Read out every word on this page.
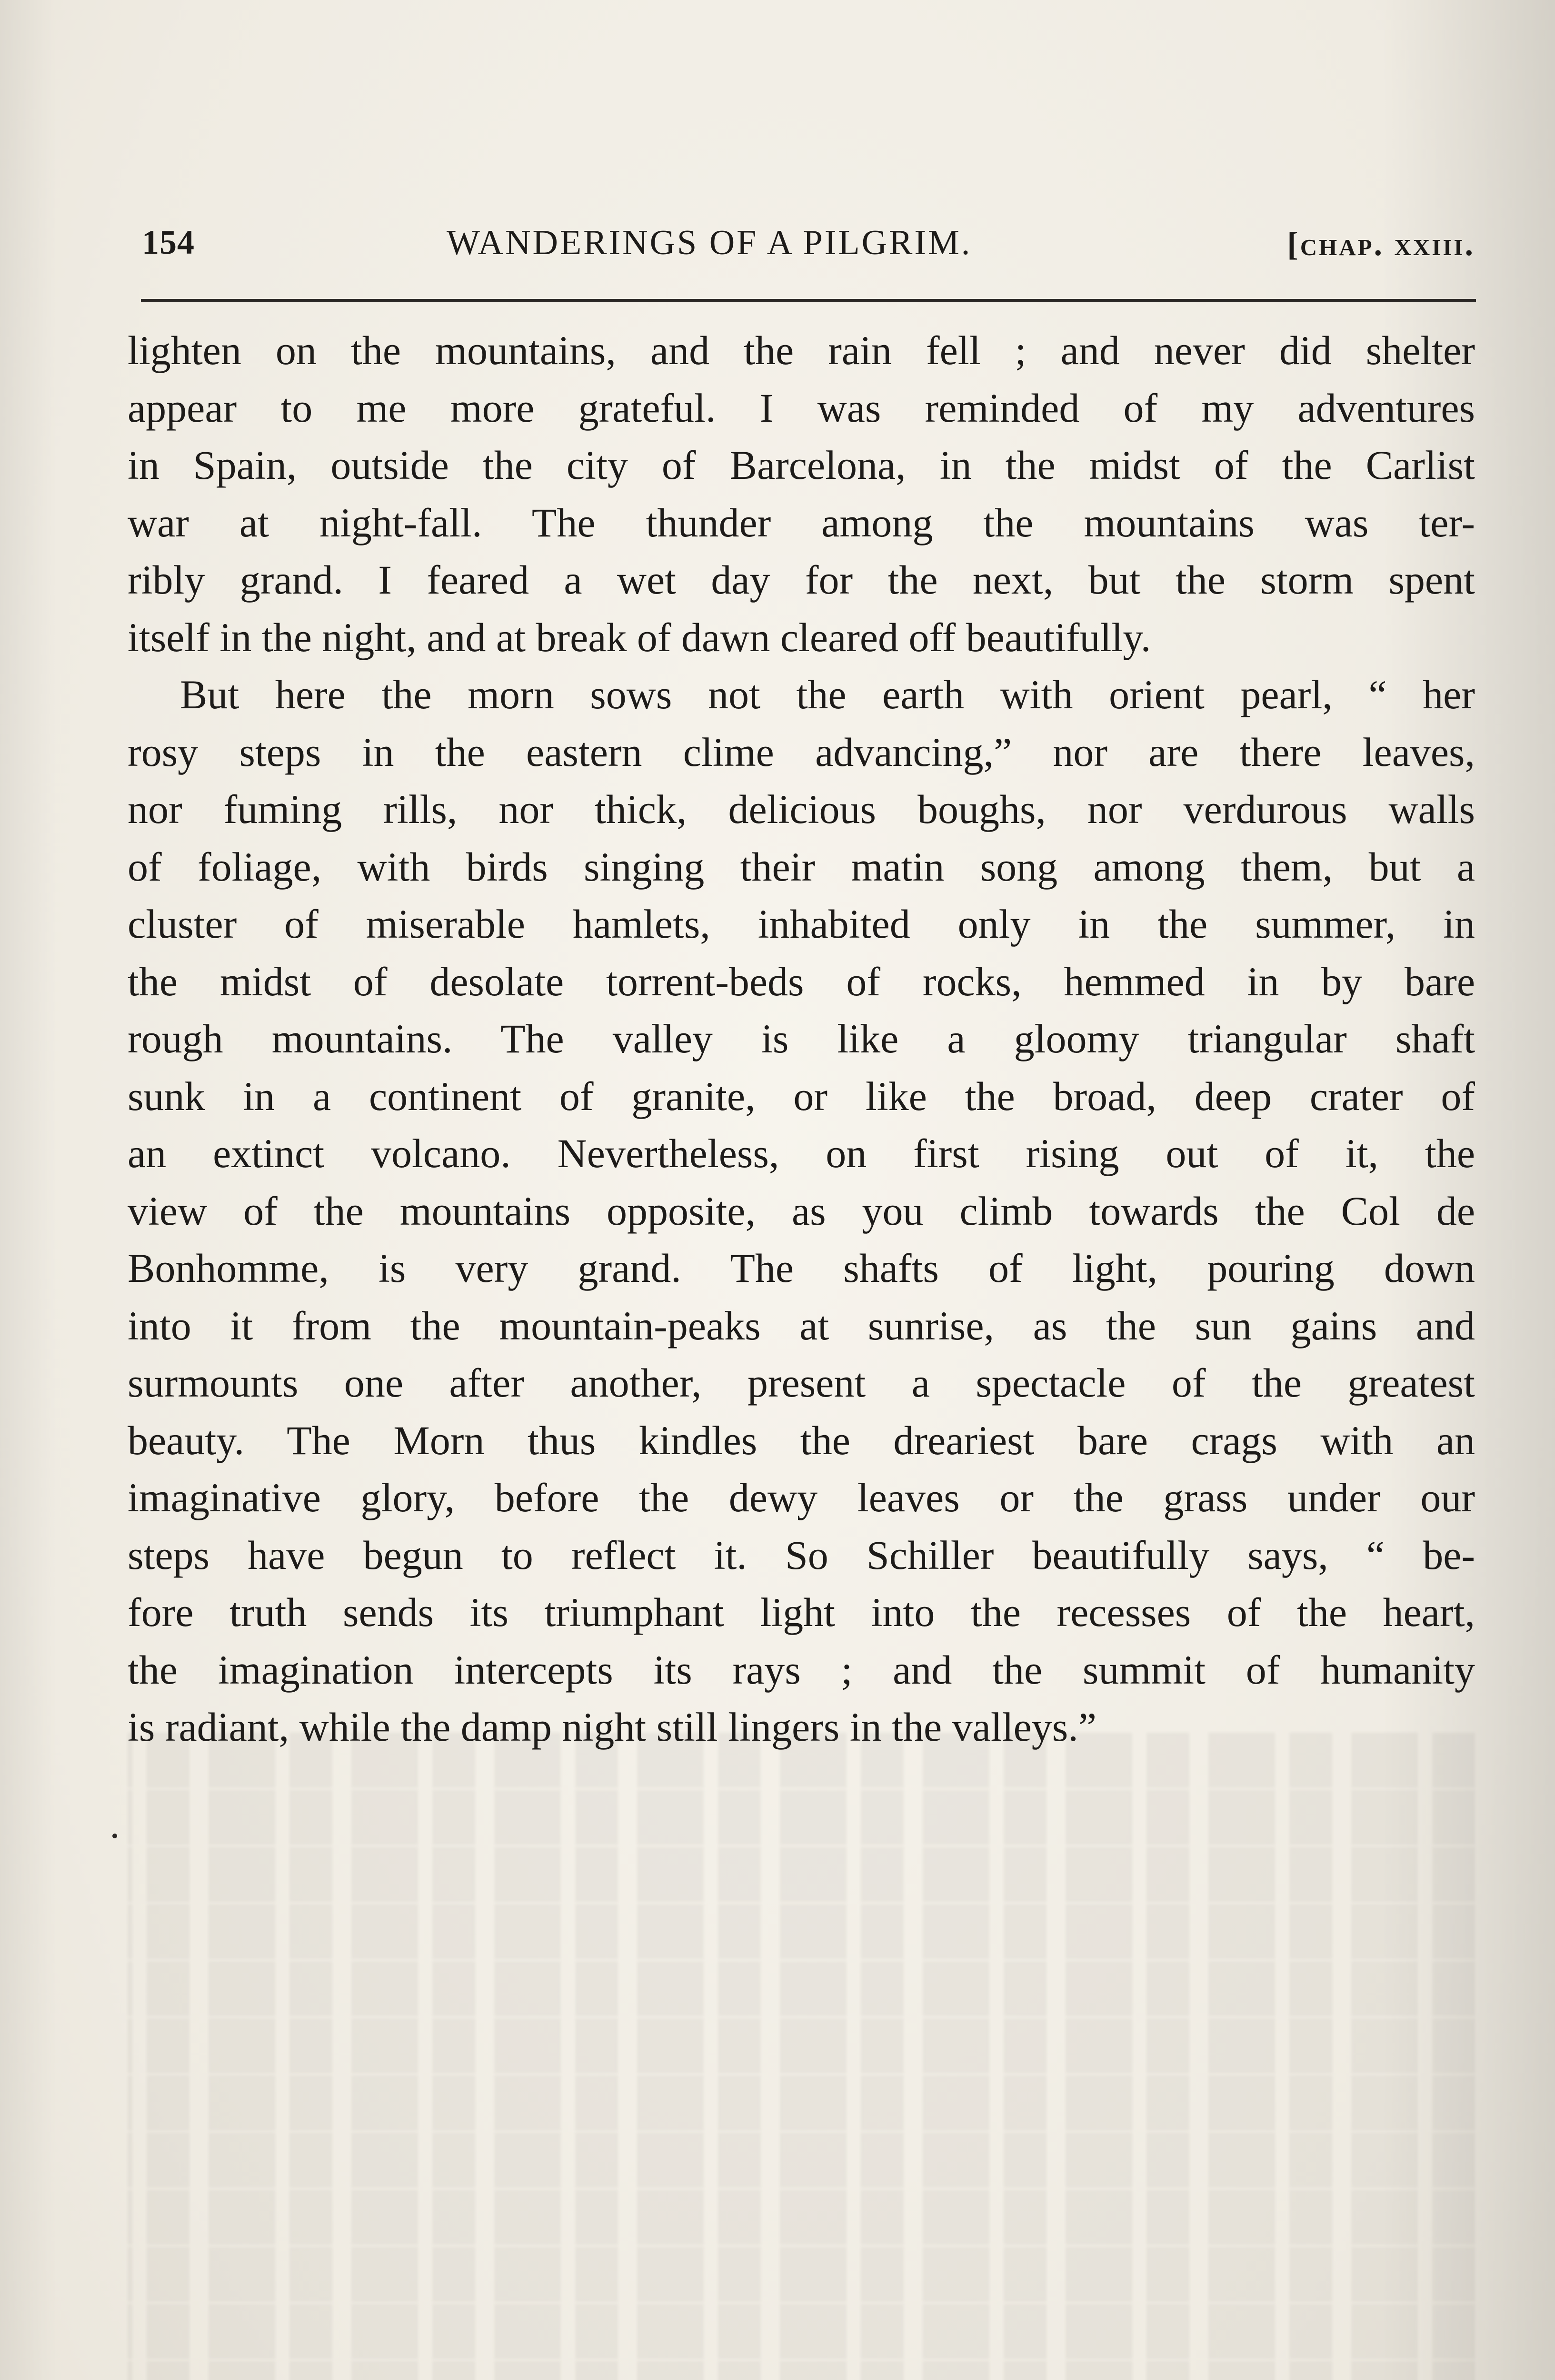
154	WANDERINGS OF A PILGRIM.	[chap. xxiii.
lighten on the mountains, and the rain fell ; and never did shelter
appear to me more grateful. I was reminded of my adventures
in Spain, outside the city of Barcelona, in the midst of the Carlist
war at night-fall. The thunder among the mountains was ter-
ribly grand. I feared a wet day for the next, but the storm spent
itself in the night, and at break of dawn cleared off beautifully.
But here the morn sows not the earth with orient pearl, “ her
rosy steps in the eastern clime advancing,” nor are there leaves,
nor fuming rills, nor thick, delicious boughs, nor verdurous walls
of foliage, with birds singing their matin song among them, but a
cluster of miserable hamlets, inhabited only in the summer, in
the midst of desolate torrent-beds of rocks, hemmed in by bare
rough mountains. The valley is like a gloomy triangular shaft
sunk in a continent of granite, or like the broad, deep crater of
an extinct volcano. Nevertheless, on first rising out of it, the
view of the mountains opposite, as you climb towards the Col de
Bonhomme, is very grand. The shafts of light, pouring down
into it from the mountain-peaks at sunrise, as the sun gains and
surmounts one after another, present a spectacle of the greatest
beauty. The Morn thus kindles the dreariest bare crags with an
imaginative glory, before the dewy leaves or the grass under our
steps have begun to reflect it. So Schiller beautifully says, “ be-
fore truth sends its triumphant light into the recesses of the heart,
the imagination intercepts its rays ; and the summit of humanity
is radiant, while the damp night still lingers in the valleys.”
